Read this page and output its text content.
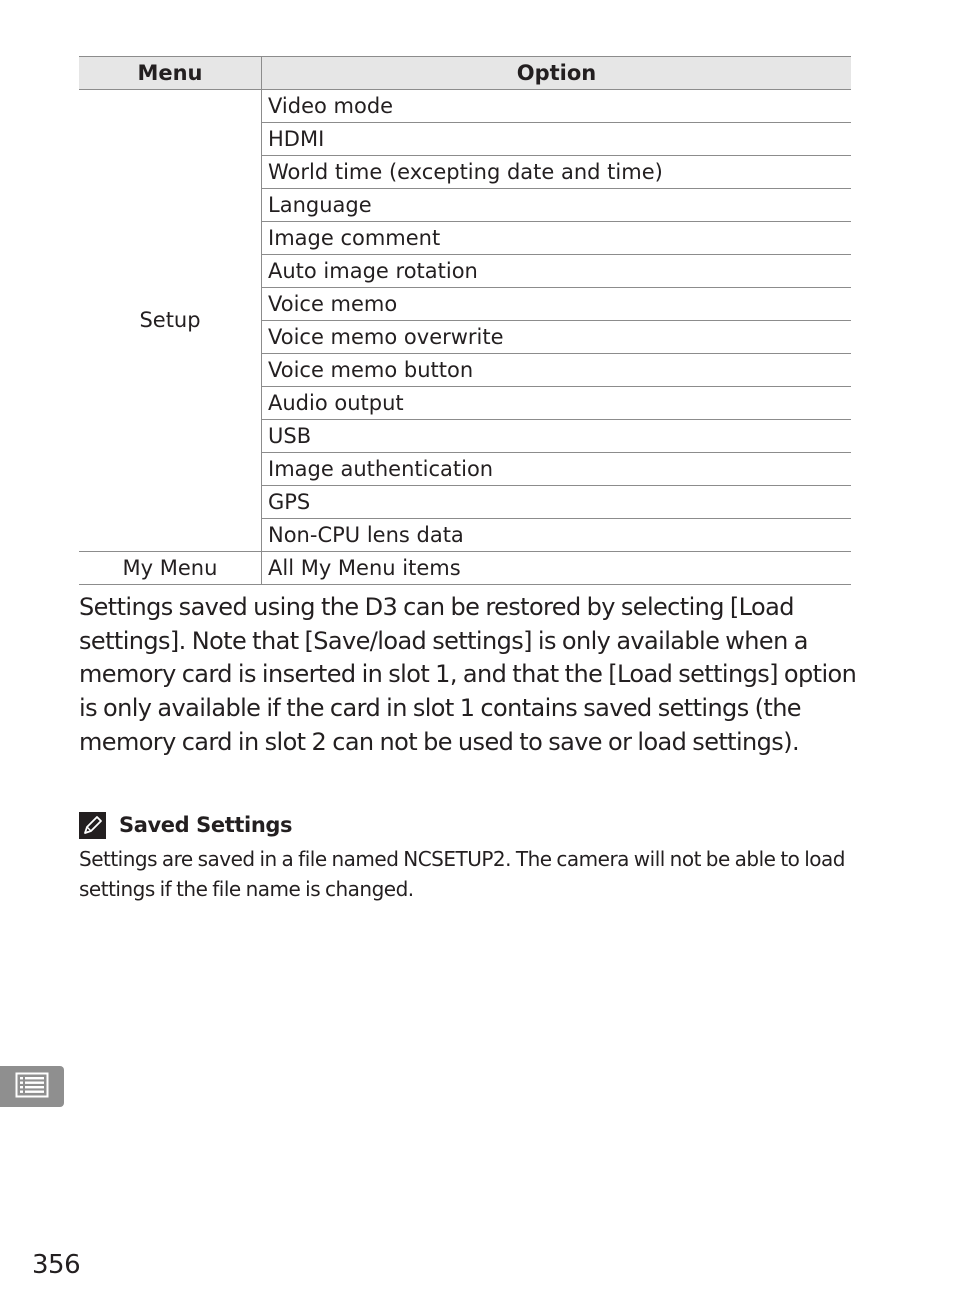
Menu	Option
Setup	Video mode
	HDMI
	World time (excepting date and time)
	Language
	Image comment
	Auto image rotation
	Voice memo
	Voice memo overwrite
	Voice memo button
	Audio output
	USB
	Image authentication
	GPS
	Non-CPU lens data
My Menu	All My Menu items

Settings saved using the D3 can be restored by selecting [Load settings]. Note that [Save/load settings] is only available when a memory card is inserted in slot 1, and that the [Load settings] option is only available if the card in slot 1 contains saved settings (the memory card in slot 2 can not be used to save or load settings).

Saved Settings

Settings are saved in a file named NCSETUP2. The camera will not be able to load settings if the file name is changed.

356
